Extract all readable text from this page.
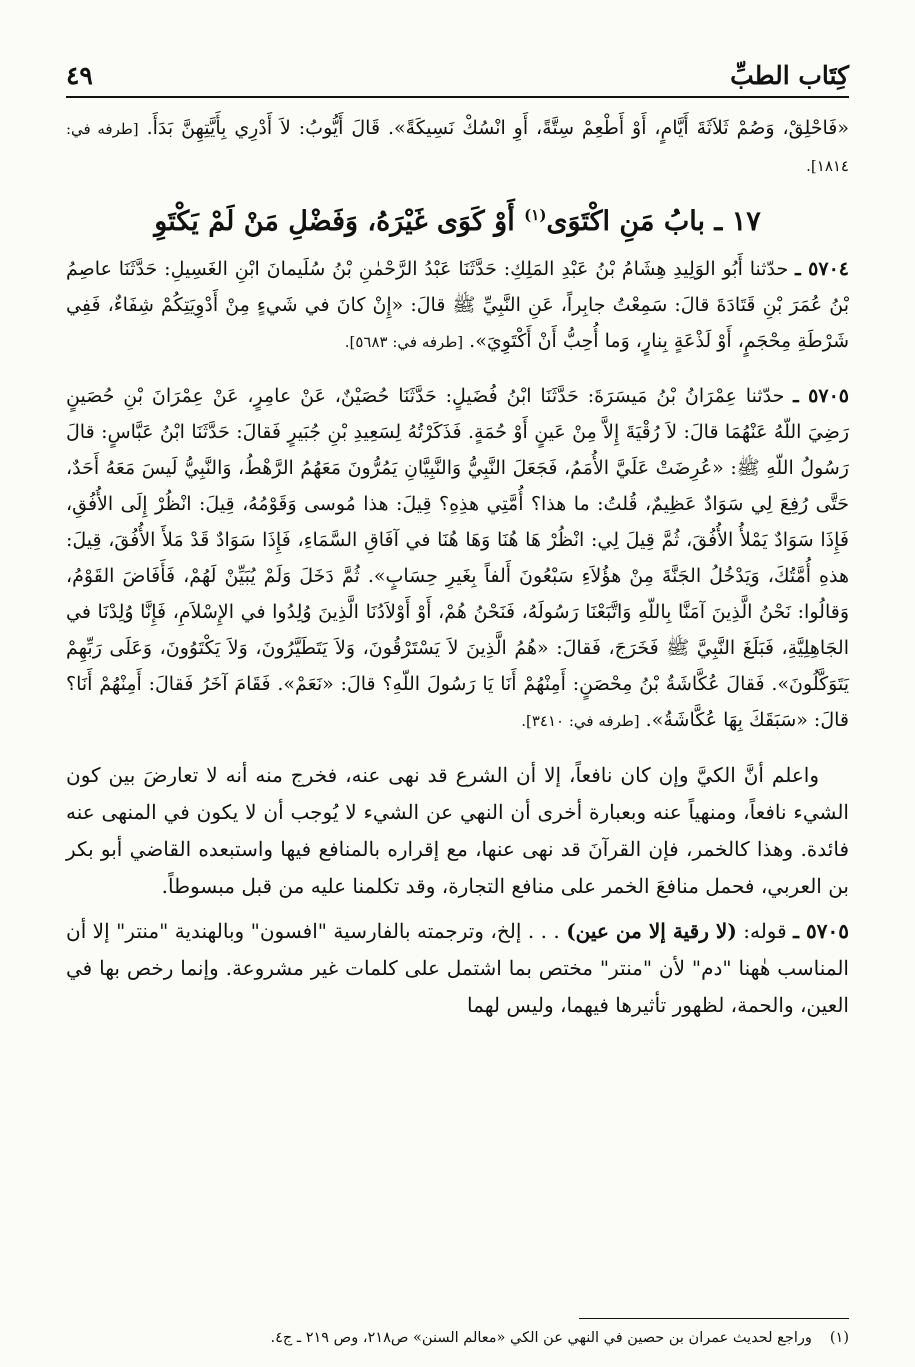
كِتَاب الطبِّ
٤٩

«فَاحْلِقْ، وَصُمْ ثَلاَثَةَ أَيَّامٍ، أَوْ أَطْعِمْ سِتَّةً، أَوِ انْسُكْ نَسِيكَةً». قَالَ أَيُّوبُ: لاَ أَدْرِي بِأَيَّتِهِنَّ بَدَأَ. [طرفه في: ١٨١٤].

١٧ ـ بابُ مَنِ اكْتَوَى$^{(١)}$ أَوْ كَوَى غَيْرَهُ، وَفَضْلِ مَنْ لَمْ يَكْتَوِ

٥٧٠٤ ـ حدّثنا أَبُو الوَلِيدِ هِشَامُ بْنُ عَبْدِ المَلِكِ: حَدَّثَنَا عَبْدُ الرَّحْمٰنِ بْنُ سُلَيمانَ ابْنِ الغَسِيلِ: حَدَّثَنَا عاصِمُ بْنُ عُمَرَ بْنِ قَتَادَةَ قالَ: سَمِعْتُ جابِراً، عَنِ النَّبِيِّ ﷺ قالَ: «إِنْ كانَ في شَيءٍ مِنْ أَدْوِيَتِكُمْ شِفَاءٌ، فَفِي شَرْطَةِ مِحْجَمٍ، أَوْ لَذْعَةٍ بِنارٍ، وَما أُحِبُّ أَنْ أَكْتَوِيَ». [طرفه في: ٥٦٨٣].

٥٧٠٥ ـ حدّثنا عِمْرَانُ بْنُ مَيسَرَةَ: حَدَّثَنَا ابْنُ فُضَيلٍ: حَدَّثَنَا حُصَيْنٌ، عَنْ عامِرٍ، عَنْ عِمْرَانَ بْنِ حُصَينٍ رَضِيَ اللّهُ عَنْهُمَا قالَ: لاَ رُقْيَةَ إِلاَّ مِنْ عَينٍ أَوْ حُمَةٍ. فَذَكَرْتُهُ لِسَعِيدِ بْنِ جُبَيرٍ فَقالَ: حَدَّثَنَا ابْنُ عَبَّاسٍ: قالَ رَسُولُ اللّهِ ﷺ: «عُرِضَتْ عَلَيَّ الأُمَمُ، فَجَعَلَ النَّبِيُّ وَالنَّبِيَّانِ يَمُرُّونَ مَعَهُمُ الرَّهْطُ، وَالنَّبِيُّ لَيسَ مَعَهُ أَحَدٌ، حَتَّى رُفِعَ لِي سَوَادٌ عَظِيمٌ، قُلتُ: ما هذا؟ أُمَّتِي هذِهِ؟ قِيلَ: هذا مُوسى وَقَوْمُهُ، قِيلَ: انْظُرْ إِلَى الأُفُقِ، فَإِذَا سَوَادٌ يَمْلأُ الأُفُقَ، ثُمَّ قِيلَ لِي: انْظُرْ هَا هُنَا وَهَا هُنَا في آفَاقِ السَّمَاءِ، فَإِذَا سَوَادٌ قَدْ مَلأَ الأُفُقَ، قِيلَ: هذهِ أُمَّتُكَ، وَيَدْخُلُ الجَنَّةَ مِنْ هؤُلاَءِ سَبْعُونَ أَلفاً بِغَيرِ حِسَابٍ». ثُمَّ دَخَلَ وَلَمْ يُبَيِّنْ لَهُمْ، فَأَفَاضَ القَوْمُ، وَقالُوا: نَحْنُ الَّذِينَ آمَنَّا بِاللّهِ وَاتَّبَعْنَا رَسُولَهُ، فَنَحْنُ هُمْ، أَوْ أَوْلاَدُنَا الَّذِينَ وُلِدُوا في الإِسْلاَمِ، فَإِنَّا وُلِدْنَا في الجَاهِلِيَّةِ، فَبَلَغَ النَّبِيَّ ﷺ فَخَرَجَ، فَقالَ: «هُمُ الَّذِينَ لاَ يَسْتَرْقُونَ، وَلاَ يَتَطَيَّرُونَ، وَلاَ يَكْتَوُونَ، وَعَلَى رَبِّهِمْ يَتَوَكَّلُونَ». فَقالَ عُكَّاشَةُ بْنُ مِحْصَنٍ: أَمِنْهُمْ أَنَا يَا رَسُولَ اللّهِ؟ قالَ: «نَعَمْ». فَقَامَ آخَرُ فَقالَ: أَمِنْهُمْ أَنَا؟ قالَ: «سَبَقَكَ بِهَا عُكَّاشَةُ». [طرفه في: ٣٤١٠].

واعلم أنَّ الكيَّ وإن كان نافعاً، إلا أن الشرع قد نهى عنه، فخرج منه أنه لا تعارضَ بين كون الشيء نافعاً، ومنهياً عنه وبعبارة أخرى أن النهي عن الشيء لا يُوجب أن لا يكون في المنهى عنه فائدة. وهذا كالخمر، فإن القرآنَ قد نهى عنها، مع إقراره بالمنافع فيها واستبعده القاضي أبو بكر بن العربي، فحمل منافعَ الخمر على منافع التجارة، وقد تكلمنا عليه من قبل مبسوطاً.

٥٧٠٥ ـ قوله: (لا رقية إلا من عين) . . . إلخ، وترجمته بالفارسية "افسون" وبالهندية "منتر" إلا أن المناسب هٰهنا "دم" لأن "منتر" مختص بما اشتمل على كلمات غير مشروعة. وإنما رخص بها في العين، والحمة، لظهور تأثيرها فيهما، وليس لهما

(١)
وراجع لحديث عمران بن حصين في النهي عن الكي «معالم السنن» ص٢١٨، وص ٢١٩ ـ ج٤.
